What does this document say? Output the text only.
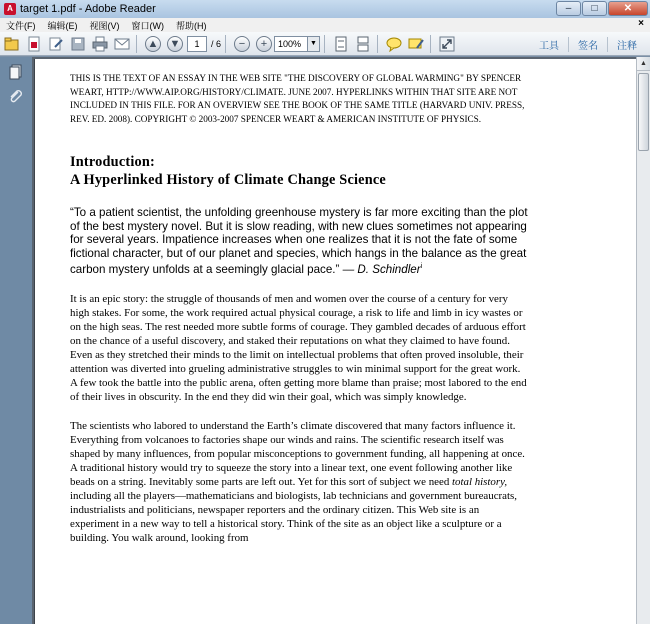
A target 1.pdf - Adobe Reader	–	□	✕
文件(F)	编辑(E)	视图(V)	窗口(W)	帮助(H)	×
▲ ▼
1	/ 6	−	+	100%	▼	工具	签名	注释

THIS IS THE TEXT OF AN ESSAY IN THE WEB SITE "THE DISCOVERY OF GLOBAL WARMING" BY SPENCER WEART, HTTP://WWW.AIP.ORG/HISTORY/CLIMATE. JUNE 2007. HYPERLINKS WITHIN THAT SITE ARE NOT INCLUDED IN THIS FILE. FOR AN OVERVIEW SEE THE BOOK OF THE SAME TITLE (HARVARD UNIV. PRESS, REV. ED. 2008). COPYRIGHT © 2003-2007 SPENCER WEART & AMERICAN INSTITUTE OF PHYSICS.

Introduction:
A Hyperlinked History of Climate Change Science

“To a patient scientist, the unfolding greenhouse mystery is far more exciting than the plot of the best mystery novel. But it is slow reading, with new clues sometimes not appearing for several years. Impatience increases when one realizes that it is not the fate of some fictional character, but of our planet and species, which hangs in the balance as the great carbon mystery unfolds at a seemingly glacial pace.” — D. Schindler$^i$

It is an epic story: the struggle of thousands of men and women over the course of a century for very high stakes. For some, the work required actual physical courage, a risk to life and limb in icy wastes or on the high seas. The rest needed more subtle forms of courage. They gambled decades of arduous effort on the chance of a useful discovery, and staked their reputations on what they claimed to have found. Even as they stretched their minds to the limit on intellectual problems that often proved insoluble, their attention was diverted into grueling administrative struggles to win minimal support for the great work. A few took the battle into the public arena, often getting more blame than praise; most labored to the end of their lives in obscurity. In the end they did win their goal, which was simply knowledge.

The scientists who labored to understand the Earth’s climate discovered that many factors influence it. Everything from volcanoes to factories shape our winds and rains. The scientific research itself was shaped by many influences, from popular misconceptions to government funding, all happening at once. A traditional history would try to squeeze the story into a linear text, one event following another like beads on a string. Inevitably some parts are left out. Yet for this sort of subject we need total history, including all the players—mathematicians and biologists, lab technicians and government bureaucrats, industrialists and politicians, newspaper reporters and the ordinary citizen. This Web site is an experiment in a new way to tell a historical story. Think of the site as an object like a sculpture or a building. You walk around, looking from

▲
